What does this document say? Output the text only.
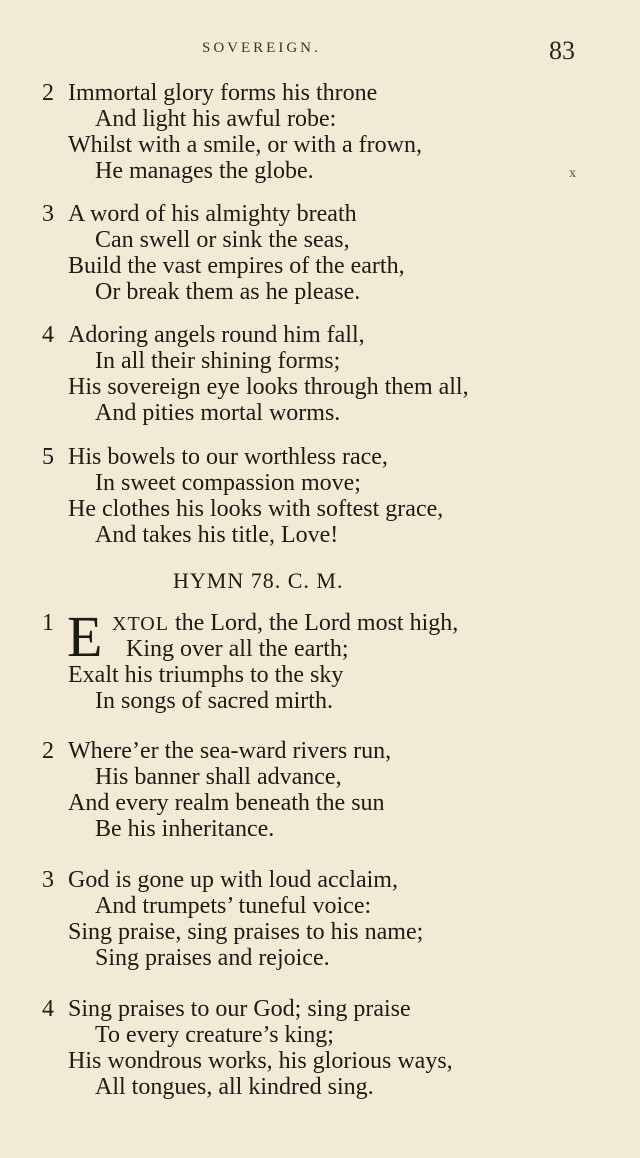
SOVEREIGN.	83
x
2 Immortal glory forms his throne
And light his awful robe:
Whilst with a smile, or with a frown,
He manages the globe.
3 A word of his almighty breath
Can swell or sink the seas,
Build the vast empires of the earth,
Or break them as he please.
4 Adoring angels round him fall,
In all their shining forms;
His sovereign eye looks through them all,
And pities mortal worms.
5 His bowels to our worthless race,
In sweet compassion move;
He clothes his looks with softest grace,
And takes his title, Love!
HYMN 78. C. M.
1 E XTOL the Lord, the Lord most high,
King over all the earth;
Exalt his triumphs to the sky
In songs of sacred mirth.
2 Where’er the sea-ward rivers run,
His banner shall advance,
And every realm beneath the sun
Be his inheritance.
3 God is gone up with loud acclaim,
And trumpets’ tuneful voice:
Sing praise, sing praises to his name;
Sing praises and rejoice.
4 Sing praises to our God; sing praise
To every creature’s king;
His wondrous works, his glorious ways,
All tongues, all kindred sing.
